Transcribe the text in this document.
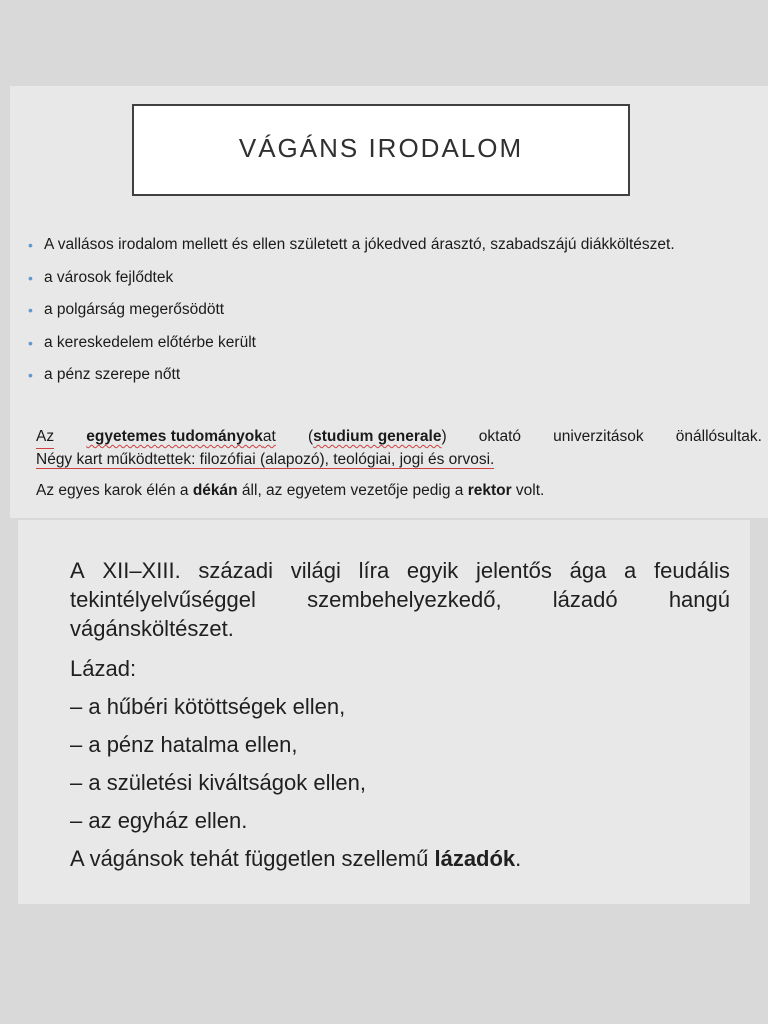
VÁGÁNS IRODALOM
• A vallásos irodalom mellett és ellen született a jókedved árasztó, szabadszájú diákköltészet.
• a városok fejlődtek
• a polgárság megerősödött
• a kereskedelem előtérbe került
• a pénz szerepe nőtt
Az egyetemes tudományokat (studium generale) oktató univerzitások önállósultak.
Négy kart működtettek: filozófiai (alapozó), teológiai, jogi és orvosi.
Az egyes karok élén a dékán áll, az egyetem vezetője pedig a rektor volt.
A XII–XIII. századi világi líra egyik jelentős ága a feudális
tekintélyelvűséggel szembehelyezkedő, lázadó hangú
vágánsköltészet.
Lázad:
– a hűbéri kötöttségek ellen,
– a pénz hatalma ellen,
– a születési kiváltságok ellen,
– az egyház ellen.
A vágánsok tehát független szellemű lázadók.
